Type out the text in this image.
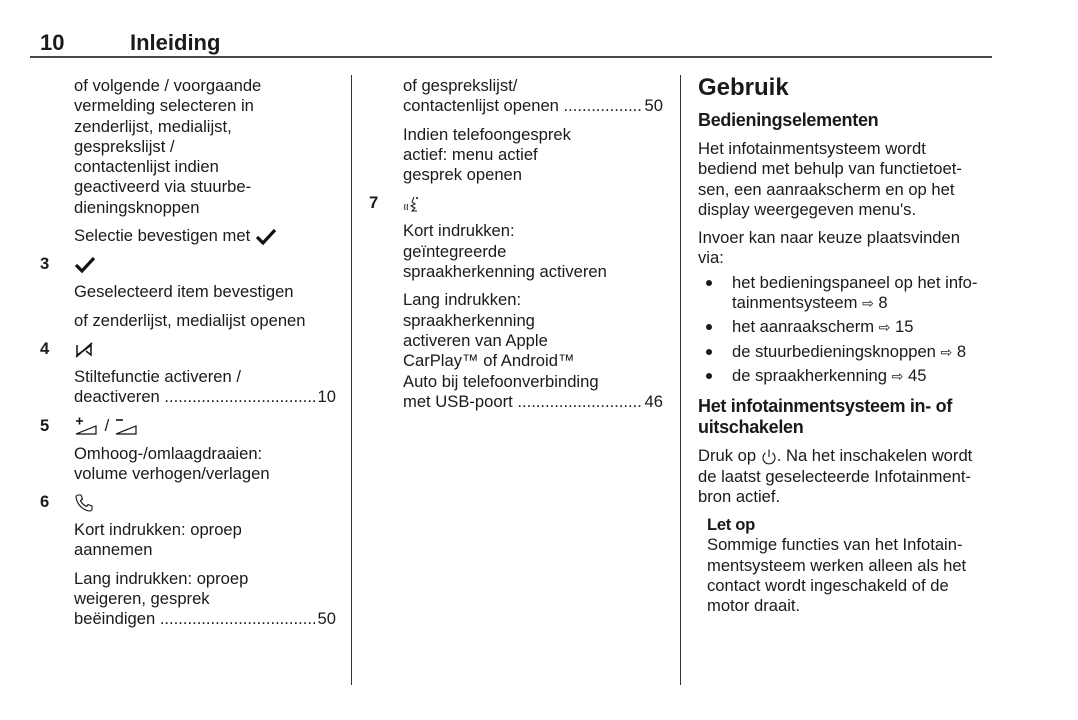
10	Inleiding
of volgende / voorgaande
vermelding selecteren in
zenderlijst, medialijst,
gesprekslijst /
contactenlijst indien
geactiveerd via stuurbe-
dieningsknoppen
Selectie bevestigen met
3
Geselecteerd item bevestigen
of zenderlijst, medialijst openen
4
Stiltefunctie activeren /
deactiveren .....	10
5	/
Omhoog-/omlaagdraaien:
volume verhogen/verlagen
6
Kort indrukken: oproep
aannemen
Lang indrukken: oproep
weigeren, gesprek
beëindigen .....	50
of gesprekslijst/
contactenlijst openen .....	50
Indien telefoongesprek
actief: menu actief
gesprek openen
7
Kort indrukken:
geïntegreerde
spraakherkenning activeren
Lang indrukken:
spraakherkenning
activeren van Apple
CarPlay™ of Android™
Auto bij telefoonverbinding
met USB-poort .....	46
Gebruik
Bedieningselementen
Het infotainmentsysteem wordt
bediend met behulp van functietoet-
sen, een aanraakscherm en op het
display weergegeven menu's.
Invoer kan naar keuze plaatsvinden
via:
het bedieningspaneel op het info-
tainmentsysteem ⇨ 8
het aanraakscherm ⇨ 15
de stuurbedieningsknoppen ⇨ 8
de spraakherkenning ⇨ 45
Het infotainmentsysteem in- of
uitschakelen
Druk op . Na het inschakelen wordt
de laatst geselecteerde Infotainment-
bron actief.
Let op
Sommige functies van het Infotain-
mentsysteem werken alleen als het
contact wordt ingeschakeld of de
motor draait.
